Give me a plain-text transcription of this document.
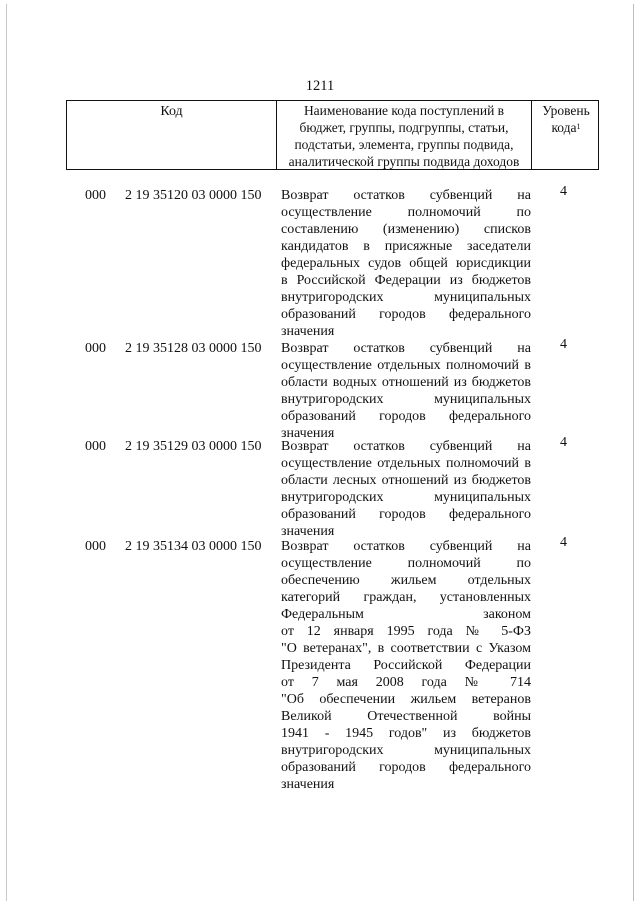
1211
Код	Наименование кода поступлений в
бюджет, группы, подгруппы, статьи,
подстатьи, элемента, группы подвида,
аналитической группы подвида доходов
Уровень
кода$^1$
000 2 19 35120 03 0000 150 Возврат остатков субвенций на
осуществление полномочий по
составлению (изменению) списков
кандидатов в присяжные заседатели
федеральных судов общей юрисдикции
в Российской Федерации из бюджетов
внутригородских муниципальных
образований городов федерального
значения
4
000 2 19 35128 03 0000 150 Возврат остатков субвенций на
осуществление отдельных полномочий в
области водных отношений из бюджетов
внутригородских муниципальных
образований городов федерального
значения
4
000 2 19 35129 03 0000 150 Возврат остатков субвенций на
осуществление отдельных полномочий в
области лесных отношений из бюджетов
внутригородских муниципальных
образований городов федерального
значения
4
000 2 19 35134 03 0000 150 Возврат остатков субвенций на
осуществление полномочий по
обеспечению жильем отдельных
категорий граждан, установленных
Федеральным законом
от 12 января 1995 года № 5-ФЗ
"О ветеранах", в соответствии с Указом
Президента Российской Федерации
от 7 мая 2008 года № 714
"Об обеспечении жильем ветеранов
Великой Отечественной войны
1941 - 1945 годов" из бюджетов
внутригородских муниципальных
образований городов федерального
значения
4
